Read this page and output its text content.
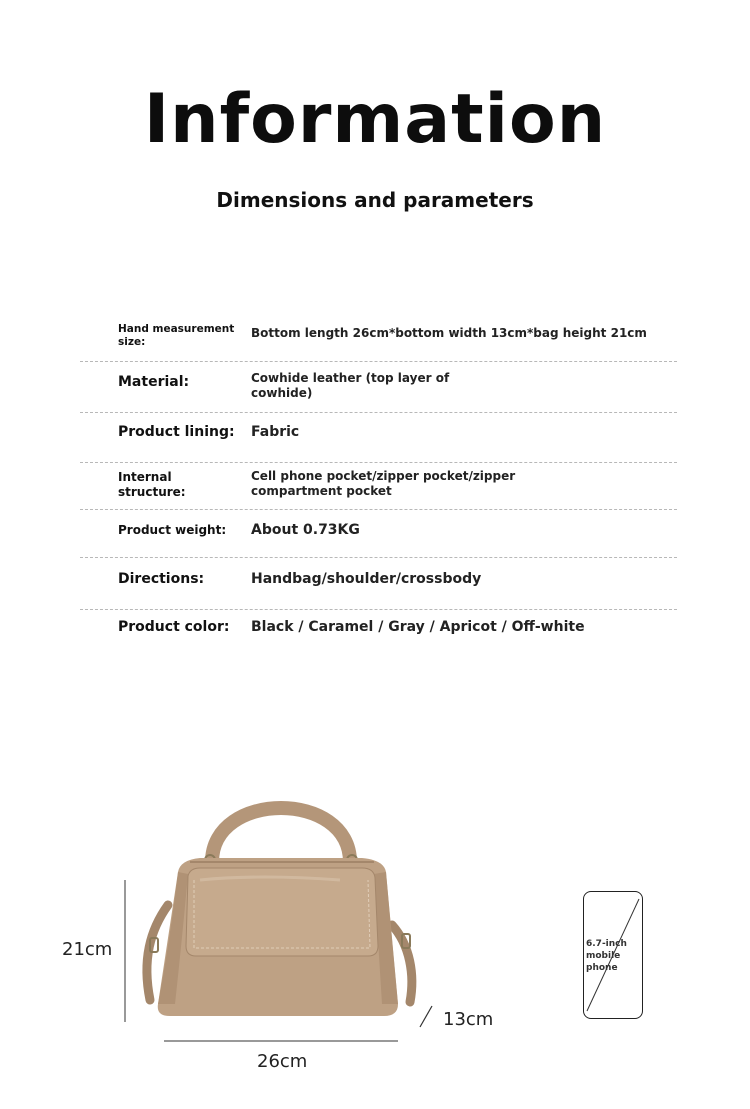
Information
Dimensions and parameters
Hand measurement size:
Bottom length 26cm*bottom width 13cm*bag height 21cm
Material:	Cowhide leather (top layer of cowhide)
Product lining: Fabric
Internal structure:
Cell phone pocket/zipper pocket/zipper compartment pocket
Product weight: About 0.73KG
Directions:	Handbag/shoulder/crossbody
Product color: Black / Caramel / Gray / Apricot / Off-white
21cm
26cm
13cm
6.7-inch mobile phone
